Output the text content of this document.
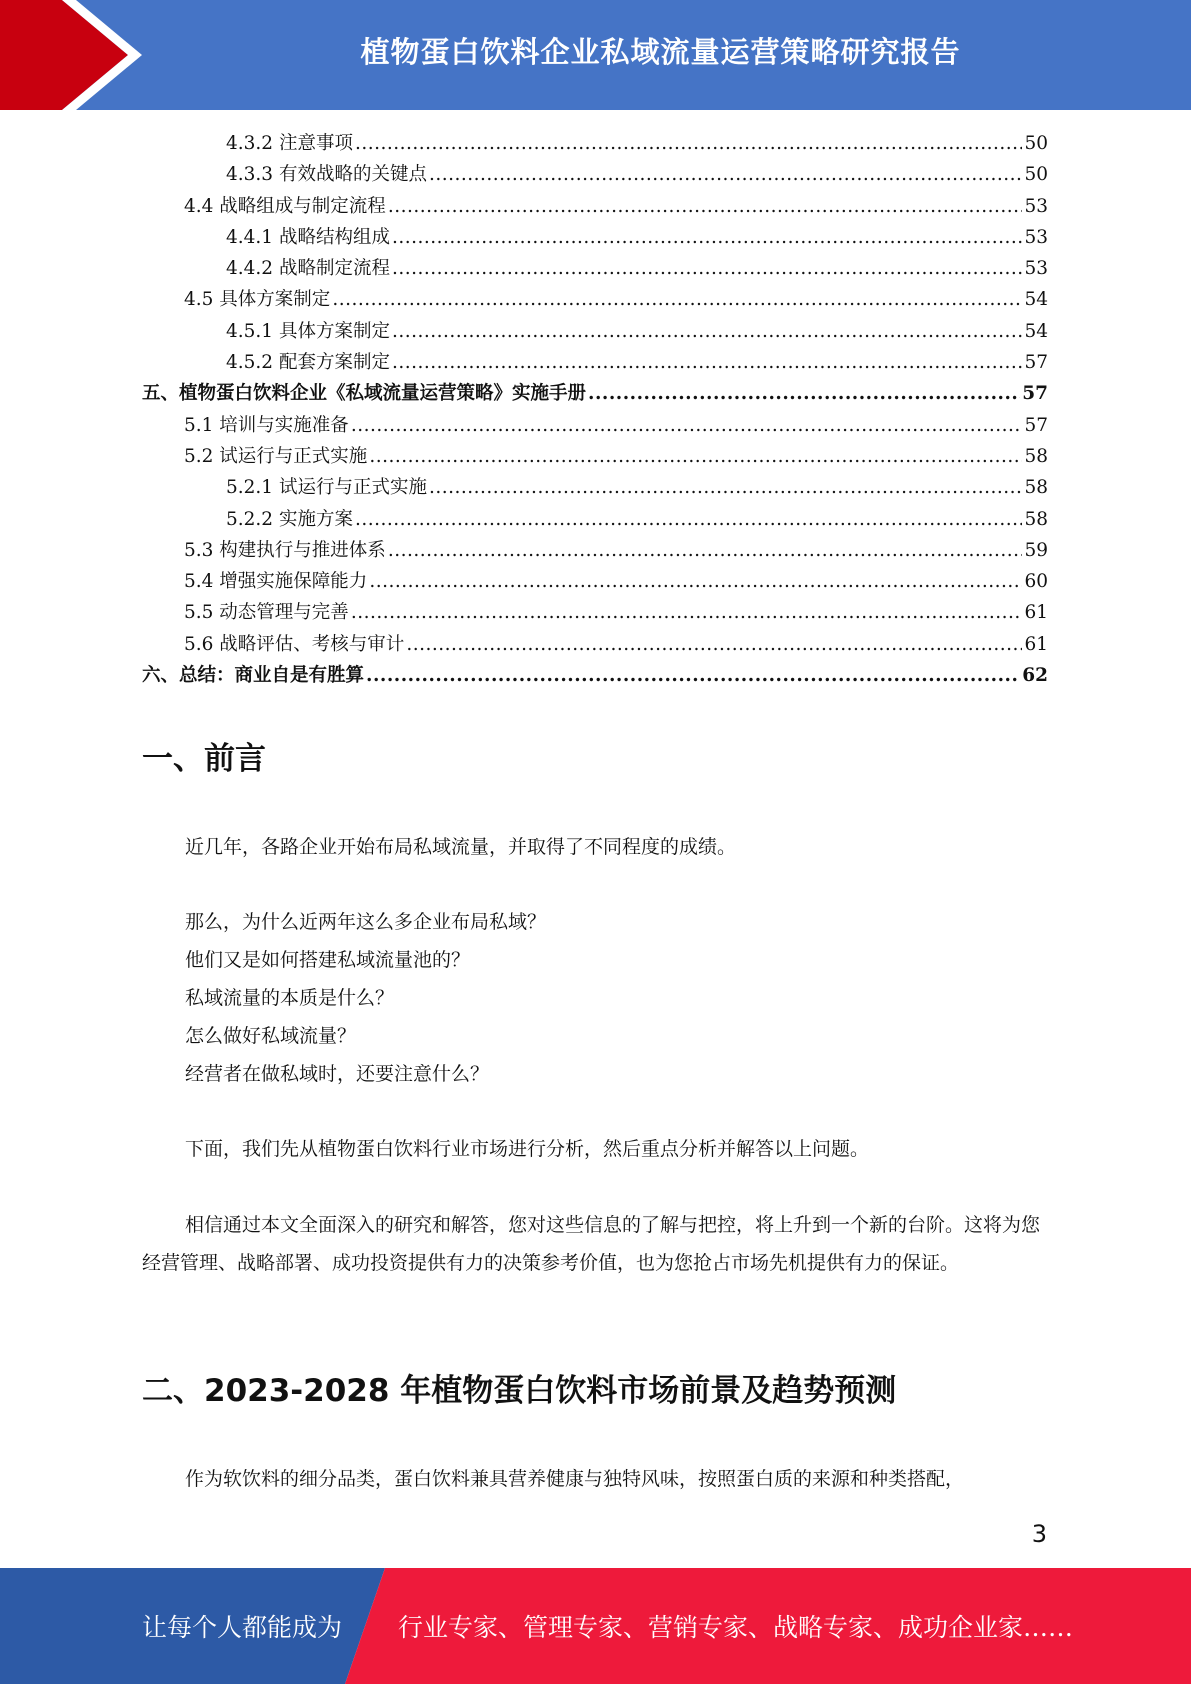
植物蛋白饮料企业私域流量运营策略研究报告
4.3.2 注意事项 .....	50
4.3.3 有效战略的关键点 .....	50
4.4 战略组成与制定流程 .....	53
4.4.1 战略结构组成 .....	53
4.4.2 战略制定流程 .....	53
4.5 具体方案制定 .....	54
4.5.1 具体方案制定 .....	54
4.5.2 配套方案制定 .....	57
五、植物蛋白饮料企业《私域流量运营策略》实施手册 .....	57
5.1 培训与实施准备 .....	57
5.2 试运行与正式实施 .....	58
5.2.1 试运行与正式实施 .....	58
5.2.2 实施方案 .....	58
5.3 构建执行与推进体系 .....	59
5.4 增强实施保障能力 .....	60
5.5 动态管理与完善 .....	61
5.6 战略评估、考核与审计 .....	61
六、总结：商业自是有胜算 .....	62
一、前言

近几年，各路企业开始布局私域流量，并取得了不同程度的成绩。

那么，为什么近两年这么多企业布局私域？

他们又是如何搭建私域流量池的？

私域流量的本质是什么？

怎么做好私域流量？

经营者在做私域时，还要注意什么？

下面，我们先从植物蛋白饮料行业市场进行分析，然后重点分析并解答以上问题。

相信通过本文全面深入的研究和解答，您对这些信息的了解与把控，将上升到一个新的台阶。这将为您经营管理、战略部署、成功投资提供有力的决策参考价值，也为您抢占市场先机提供有力的保证。

二、2023-2028 年植物蛋白饮料市场前景及趋势预测

作为软饮料的细分品类，蛋白饮料兼具营养健康与独特风味，按照蛋白质的来源和种类搭配，

3
让每个人都能成为 行业专家、管理专家、营销专家、战略专家、成功企业家……
